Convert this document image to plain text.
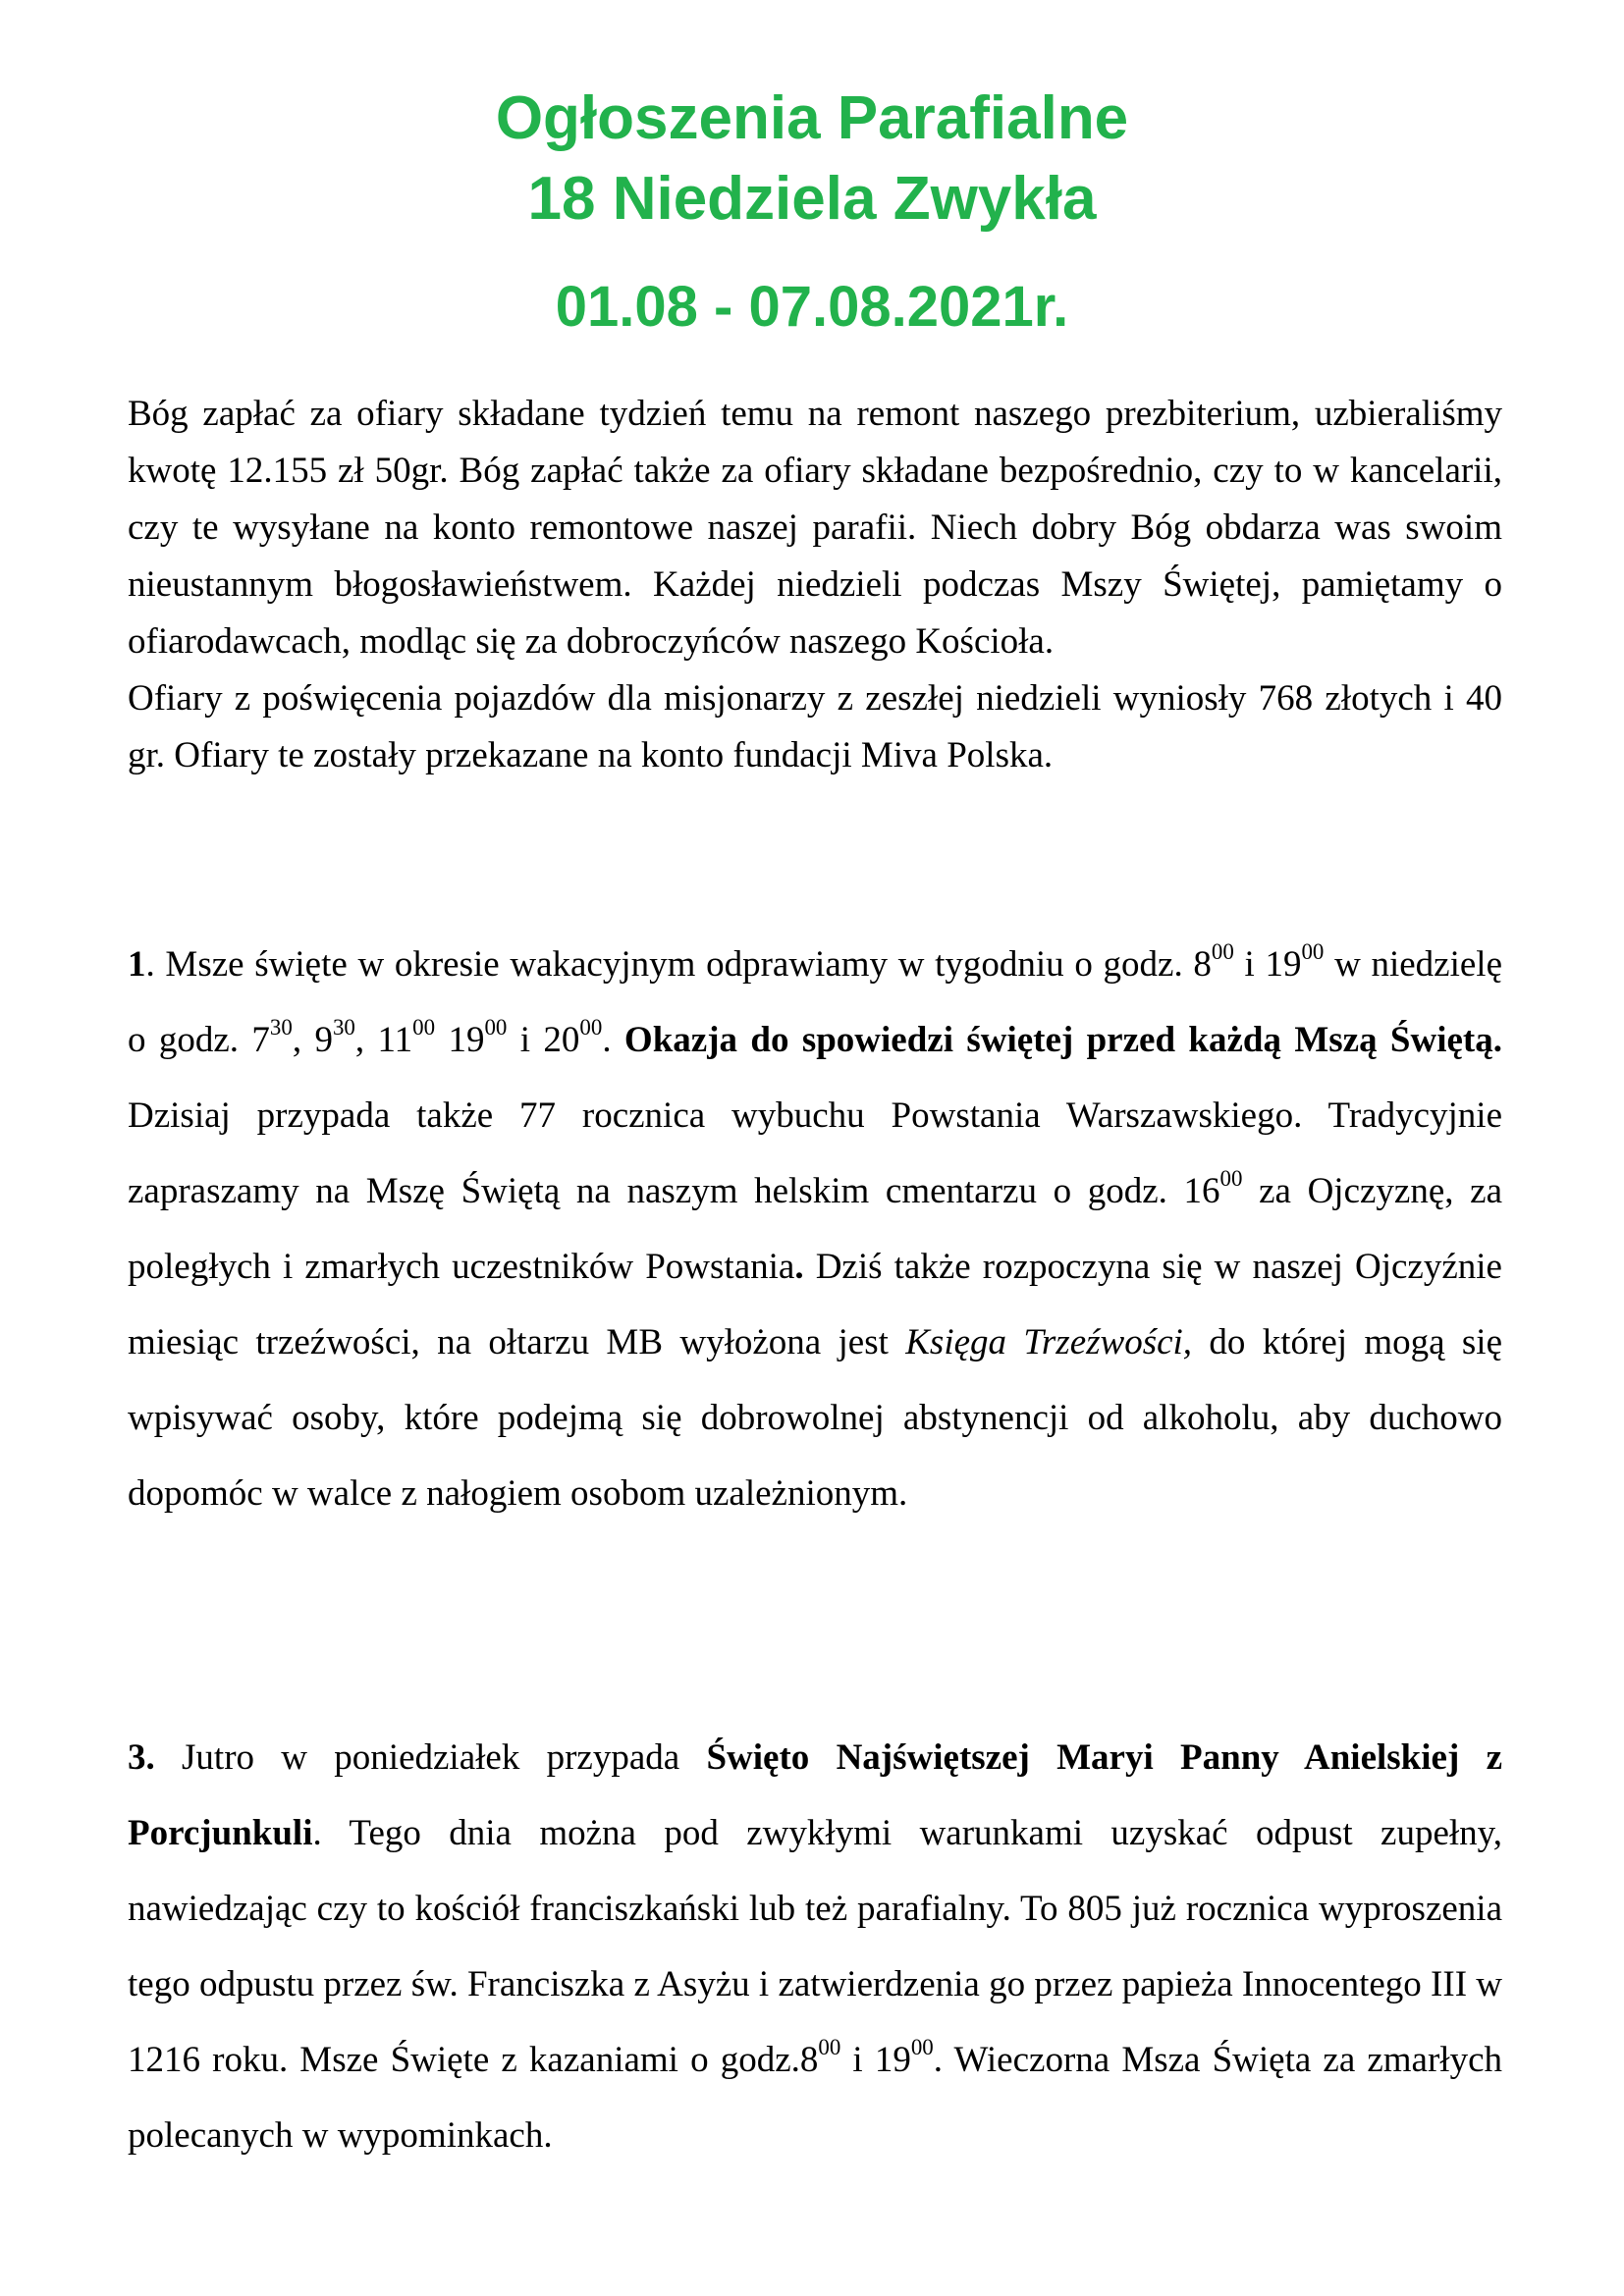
Ogłoszenia Parafialne
18 Niedziela Zwykła
01.08 - 07.08.2021r.

Bóg zapłać za ofiary składane tydzień temu na remont naszego prezbiterium, uzbieraliśmy kwotę 12.155 zł 50gr. Bóg zapłać także za ofiary składane bezpośrednio, czy to w kancelarii, czy te wysyłane na konto remontowe naszej parafii. Niech dobry Bóg obdarza was swoim nieustannym błogosławieństwem. Każdej niedzieli podczas Mszy Świętej, pamiętamy o ofiarodawcach, modląc się za dobroczyńców naszego Kościoła.

Ofiary z poświęcenia pojazdów dla misjonarzy z zeszłej niedzieli wyniosły 768 złotych i 40 gr. Ofiary te zostały przekazane na konto fundacji Miva Polska.

1. Msze święte w okresie wakacyjnym odprawiamy w tygodniu o godz. $8^{00}$ i $19^{00}$ w niedzielę o godz. $7^{30}$, $9^{30}$, $11^{00}$ $19^{00}$ i $20^{00}$. Okazja do spowiedzi świętej przed każdą Mszą Świętą. Dzisiaj przypada także 77 rocznica wybuchu Powstania Warszawskiego. Tradycyjnie zapraszamy na Mszę Świętą na naszym helskim cmentarzu o godz. $16^{00}$ za Ojczyznę, za poległych i zmarłych uczestników Powstania. Dziś także rozpoczyna się w naszej Ojczyźnie miesiąc trzeźwości, na ołtarzu MB wyłożona jest Księga Trzeźwości, do której mogą się wpisywać osoby, które podejmą się dobrowolnej abstynencji od alkoholu, aby duchowo dopomóc w walce z nałogiem osobom uzależnionym.

3. Jutro w poniedziałek przypada Święto Najświętszej Maryi Panny Anielskiej z Porcjunkuli. Tego dnia można pod zwykłymi warunkami uzyskać odpust zupełny, nawiedzając czy to kościół franciszkański lub też parafialny. To 805 już rocznica wyproszenia tego odpustu przez św. Franciszka z Asyżu i zatwierdzenia go przez papieża Innocentego III w 1216 roku. Msze Święte z kazaniami o $godz.8^{00}$ i $19^{00}$. Wieczorna Msza Święta za zmarłych polecanych w wypominkach.
